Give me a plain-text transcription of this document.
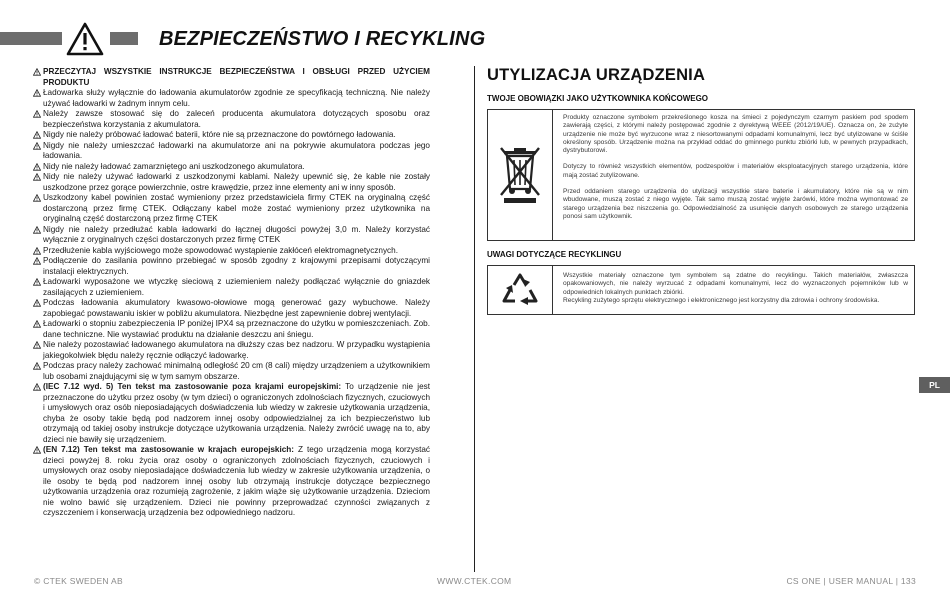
BEZPIECZEŃSTWO I RECYKLING

PRZECZYTAJ WSZYSTKIE INSTRUKCJE BEZPIECZEŃSTWA I OBSŁUGI PRZED UŻYCIEM PRODUKTU

Ładowarka służy wyłącznie do ładowania akumulatorów zgodnie ze specyfikacją techniczną. Nie należy używać ładowarki w żadnym innym celu.

Należy zawsze stosować się do zaleceń producenta akumulatora dotyczących sposobu oraz bezpieczeństwa korzystania z akumulatora.

Nigdy nie należy próbować ładować baterii, które nie są przeznaczone do powtórnego ładowania.

Nigdy nie należy umieszczać ładowarki na akumulatorze ani na pokrywie akumulatora podczas jego ładowania.

Nidy nie należy ładować zamarzniętego ani uszkodzonego akumulatora.

Nidy nie należy używać ładowarki z uszkodzonymi kablami. Należy upewnić się, że kable nie zostały uszkodzone przez gorące powierzchnie, ostre krawędzie, przez inne elementy ani w inny sposób.

Uszkodzony kabel powinien zostać wymieniony przez przedstawiciela firmy CTEK na oryginalną część dostarczoną przez firmę CTEK. Odłączany kabel może zostać wymieniony przez użytkownika na oryginalną część dostarczoną przez firmę CTEK

Nigdy nie należy przedłużać kabla ładowarki do łącznej długości powyżej 3,0 m. Należy korzystać wyłącznie z oryginalnych części dostarczonych przez firmę CTEK

Przedłużenie kabla wyjściowego może spowodować wystąpienie zakłóceń elektromagnetycznych.

Podłączenie do zasilania powinno przebiegać w sposób zgodny z krajowymi przepisami dotyczącymi instalacji elektrycznych.

Ładowarki wyposażone we wtyczkę sieciową z uziemieniem należy podłączać wyłącznie do gniazdek zasilających z uziemieniem.

Podczas ładowania akumulatory kwasowo-ołowiowe mogą generować gazy wybuchowe. Należy zapobiegać powstawaniu iskier w pobliżu akumulatora. Niezbędne jest zapewnienie dobrej wentylacji.

Ładowarki o stopniu zabezpieczenia IP poniżej IPX4 są przeznaczone do użytku w pomieszczeniach. Zob. dane techniczne. Nie wystawiać produktu na działanie deszczu ani śniegu.

Nie należy pozostawiać ładowanego akumulatora na dłuższy czas bez nadzoru. W przypadku wystąpienia jakiegokolwiek błędu należy ręcznie odłączyć ładowarkę.

Podczas pracy należy zachować minimalną odległość 20 cm (8 cali) między urządzeniem a użytkownikiem lub osobami znajdującymi się w tym samym obszarze.

(IEC 7.12 wyd. 5) Ten tekst ma zastosowanie poza krajami europejskimi: To urządzenie nie jest przeznaczone do użytku przez osoby (w tym dzieci) o ograniczonych zdolnościach fizycznych, czuciowych i umysłowych oraz osób nieposiadających doświadczenia lub wiedzy w zakresie użytkowania urządzenia, chyba że osoby takie będą pod nadzorem innej osoby odpowiedzialnej za ich bezpieczeństwo lub otrzymają od takiej osoby instrukcje dotyczące użytkowania urządzenia. Należy zwrócić uwagę na to, aby dzieci nie bawiły się urządzeniem.

(EN 7.12) Ten tekst ma zastosowanie w krajach europejskich: Z tego urządzenia mogą korzystać dzieci powyżej 8. roku życia oraz osoby o ograniczonych zdolnościach fizycznych, czuciowych i umysłowych oraz osoby nieposiadające doświadczenia lub wiedzy w zakresie użytkowania urządzenia, o ile osoby te będą pod nadzorem innej osoby lub otrzymają instrukcje dotyczące bezpiecznego użytkowania urządzenia oraz rozumieją zagrożenie, z jakim wiąże się użytkowanie urządzenia. Dzieciom nie wolno bawić się urządzeniem. Dzieci nie powinny przeprowadzać czynności związanych z czyszczeniem i konserwacją urządzenia bez odpowiedniego nadzoru.

UTYLIZACJA URZĄDZENIA
TWOJE OBOWIĄZKI JAKO UŻYTKOWNIKA KOŃCOWEGO

Produkty oznaczone symbolem przekreślonego kosza na śmieci z pojedynczym czarnym paskiem pod spodem zawierają części, z którymi należy postępować zgodnie z dyrektywą WEEE (2012/19/UE). Oznacza on, że zużyte urządzenie nie może być wyrzucone wraz z niesortowanymi odpadami komunalnymi, lecz być utylizowane w ściśle określony sposób. Urządzenie można na przykład oddać do gminnego punktu zbiórki lub, w pewnych przypadkach, dystrybutorowi.

Dotyczy to również wszystkich elementów, podzespołów i materiałów eksploatacyjnych starego urządzenia, które mają zostać zutylizowane.

Przed oddaniem starego urządzenia do utylizacji wszystkie stare baterie i akumulatory, które nie są w nim wbudowane, muszą zostać z niego wyjęte. Tak samo muszą zostać wyjęte żarówki, które można wymontować ze starego urządzenia bez niszczenia go. Odpowiedzialność za usunięcie danych osobowych ze starego urządzenia ponosi sam użytkownik.

UWAGI DOTYCZĄCE RECYKLINGU

Wszystkie materiały oznaczone tym symbolem są zdatne do recyklingu. Takich materiałów, zwłaszcza opakowaniowych, nie należy wyrzucać z odpadami komunalnymi, lecz do wyznaczonych pojemników lub w odpowiednich lokalnych punktach zbiórki.

Recykling zużytego sprzętu elektrycznego i elektronicznego jest korzystny dla zdrowia i ochrony środowiska.

PL
© CTEK SWEDEN AB	WWW.CTEK.COM	CS ONE | USER MANUAL | 133
